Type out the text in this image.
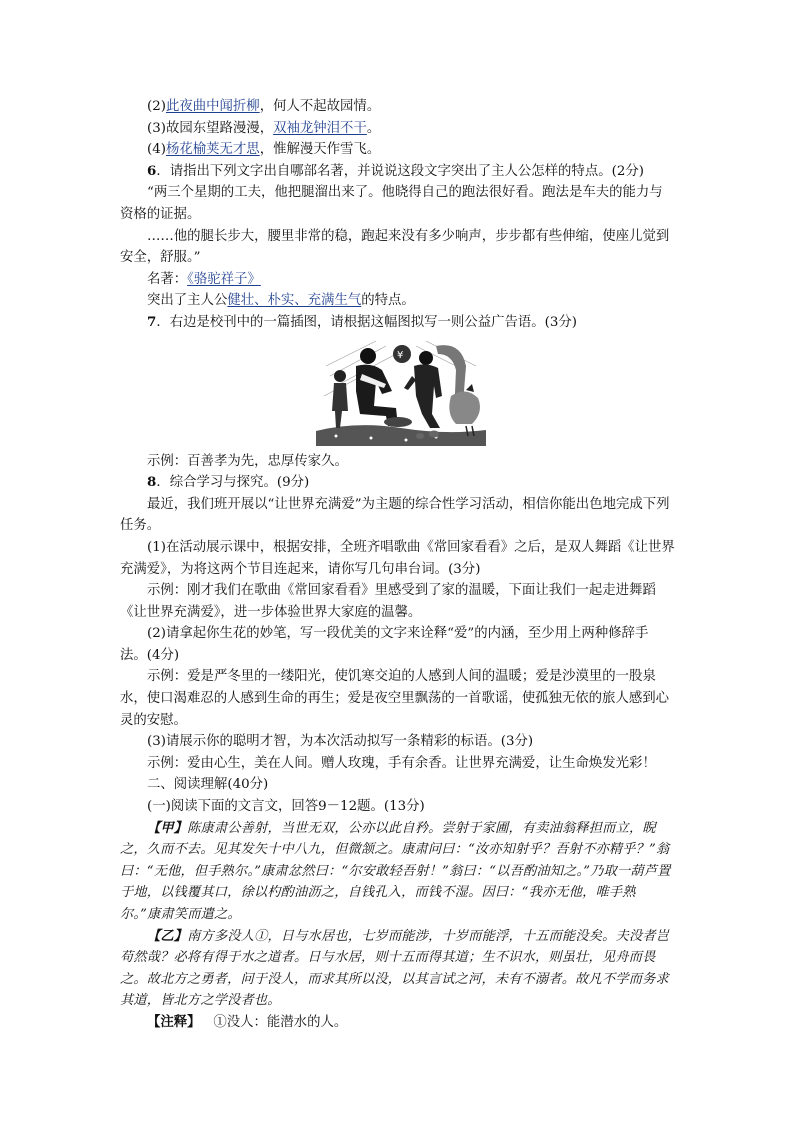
(2)此夜曲中闻折柳，何人不起故园情。

(3)故园东望路漫漫，双袖龙钟泪不干。

(4)杨花榆荚无才思，惟解漫天作雪飞。

6．请指出下列文字出自哪部名著，并说说这段文字突出了主人公怎样的特点。(2分)

“两三个星期的工夫，他把腿溜出来了。他晓得自己的跑法很好看。跑法是车夫的能力与资格的证据。

……他的腿长步大，腰里非常的稳，跑起来没有多少响声，步步都有些伸缩，使座儿觉到安全，舒服。”

名著：《骆驼祥子》

突出了主人公健壮、朴实、充满生气的特点。

7．右边是校刊中的一篇插图，请根据这幅图拟写一则公益广告语。(3分)

¥

示例：百善孝为先，忠厚传家久。

8．综合学习与探究。(9分)

最近，我们班开展以“让世界充满爱”为主题的综合性学习活动，相信你能出色地完成下列任务。

(1)在活动展示课中，根据安排，全班齐唱歌曲《常回家看看》之后，是双人舞蹈《让世界充满爱》，为将这两个节目连起来，请你写几句串台词。(3分)

示例：刚才我们在歌曲《常回家看看》里感受到了家的温暖，下面让我们一起走进舞蹈《让世界充满爱》，进一步体验世界大家庭的温馨。

(2)请拿起你生花的妙笔，写一段优美的文字来诠释“爱”的内涵，至少用上两种修辞手法。(4分)

示例：爱是严冬里的一缕阳光，使饥寒交迫的人感到人间的温暖；爱是沙漠里的一股泉水，使口渴难忍的人感到生命的再生；爱是夜空里飘荡的一首歌谣，使孤独无依的旅人感到心灵的安慰。

(3)请展示你的聪明才智，为本次活动拟写一条精彩的标语。(3分)

示例：爱由心生，美在人间。赠人玫瑰，手有余香。让世界充满爱，让生命焕发光彩！

二、阅读理解(40分)

(一)阅读下面的文言文，回答9－12题。(13分)

【甲】陈康肃公善射，当世无双，公亦以此自矜。尝射于家圃，有卖油翁释担而立，睨之，久而不去。见其发矢十中八九，但微颔之。康肃问曰：“汝亦知射乎？吾射不亦精乎？”翁曰：“无他，但手熟尔。”康肃忿然曰：“尔安敢轻吾射！”翁曰：“以吾酌油知之。”乃取一葫芦置于地，以钱覆其口，徐以杓酌油沥之，自钱孔入，而钱不湿。因曰：“我亦无他，唯手熟尔。”康肃笑而遣之。

【乙】南方多没人①，日与水居也，七岁而能涉，十岁而能浮，十五而能没矣。夫没者岂苟然哉？必将有得于水之道者。日与水居，则十五而得其道；生不识水，则虽壮，见舟而畏之。故北方之勇者，问于没人，而求其所以没，以其言试之河，未有不溺者。故凡不学而务求其道，皆北方之学没者也。

【注释】 ①没人：能潜水的人。
